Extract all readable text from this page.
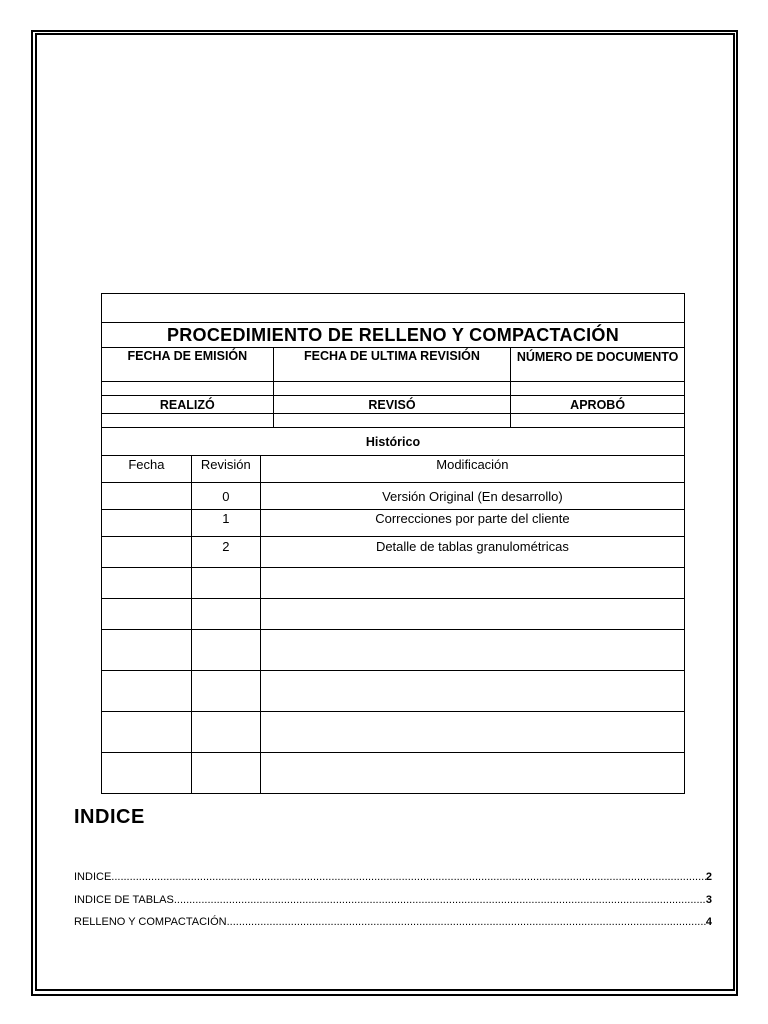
PROCEDIMIENTO DE RELLENO Y COMPACTACIÓN		
FECHA DE EMISIÓN	FECHA DE ULTIMA REVISIÓN	NÚMERO DE DOCUMENTO

REALIZÓ	REVISÓ	APROBÓ

Histórico		
Fecha	Revisión	Modificación
	0	Versión Original (En desarrollo)
	1	Correcciones por parte del cliente
	2	Detalle de tablas granulométricas

INDICE
INDICE .....	2
INDICE DE TABLAS .....	3
RELLENO Y COMPACTACIÓN .....	4
